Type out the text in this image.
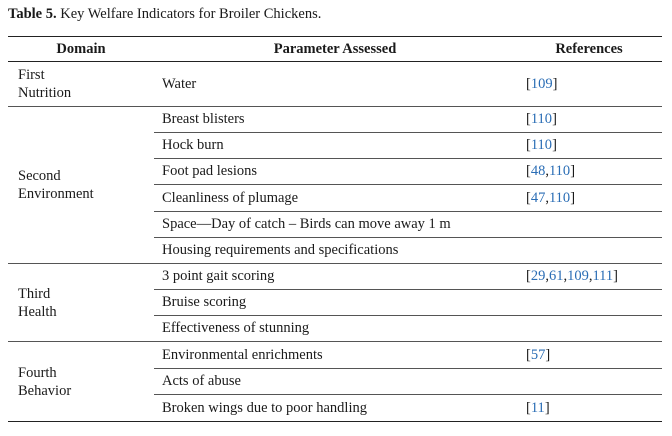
Table 5. Key Welfare Indicators for Broiler Chickens.
Domain	Parameter Assessed	References

First
Nutrition	Water	[109]

Second
Environment	Breast blisters	[110]
	Hock burn	[110]
	Foot pad lesions	[48,110]
	Cleanliness of plumage	[47,110]
	Space—Day of catch – Birds can move away 1 m	
	Housing requirements and specifications	

Third
Health	3 point gait scoring	[29,61,109,111]
	Bruise scoring	
	Effectiveness of stunning	

Fourth
Behavior	Environmental enrichments	[57]
	Acts of abuse	
	Broken wings due to poor handling	[11]
